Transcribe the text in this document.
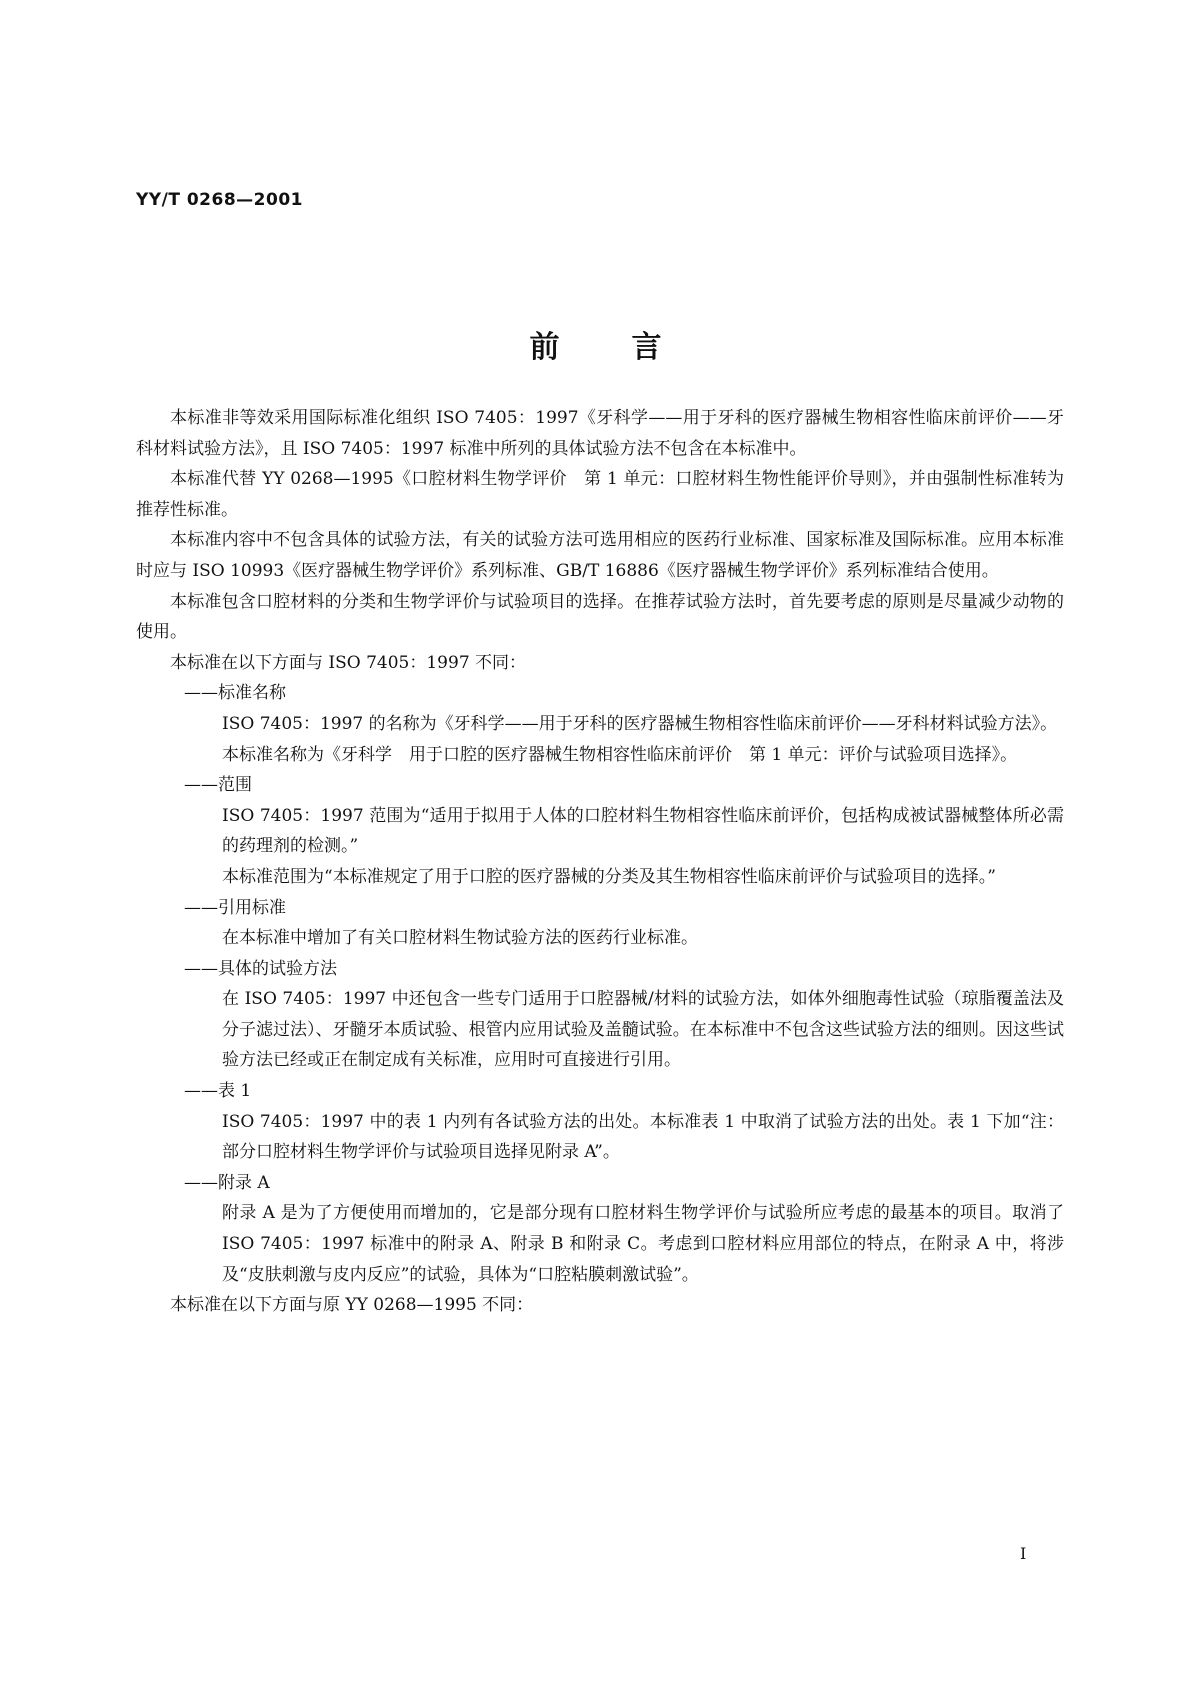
YY/T 0268—2001
前言

本标准非等效采用国际标准化组织 ISO 7405：1997《牙科学——用于牙科的医疗器械生物相容性临床前评价——牙科材料试验方法》，且 ISO 7405：1997 标准中所列的具体试验方法不包含在本标准中。

本标准代替 YY 0268—1995《口腔材料生物学评价　第 1 单元：口腔材料生物性能评价导则》，并由强制性标准转为推荐性标准。

本标准内容中不包含具体的试验方法，有关的试验方法可选用相应的医药行业标准、国家标准及国际标准。应用本标准时应与 ISO 10993《医疗器械生物学评价》系列标准、GB/T 16886《医疗器械生物学评价》系列标准结合使用。

本标准包含口腔材料的分类和生物学评价与试验项目的选择。在推荐试验方法时，首先要考虑的原则是尽量减少动物的使用。

本标准在以下方面与 ISO 7405：1997 不同：

——标准名称

ISO 7405：1997 的名称为《牙科学——用于牙科的医疗器械生物相容性临床前评价——牙科材料试验方法》。

本标准名称为《牙科学　用于口腔的医疗器械生物相容性临床前评价　第 1 单元：评价与试验项目选择》。

——范围

ISO 7405：1997 范围为“适用于拟用于人体的口腔材料生物相容性临床前评价，包括构成被试器械整体所必需的药理剂的检测。”

本标准范围为“本标准规定了用于口腔的医疗器械的分类及其生物相容性临床前评价与试验项目的选择。”

——引用标准

在本标准中增加了有关口腔材料生物试验方法的医药行业标准。

——具体的试验方法

在 ISO 7405：1997 中还包含一些专门适用于口腔器械/材料的试验方法，如体外细胞毒性试验（琼脂覆盖法及分子滤过法）、牙髓牙本质试验、根管内应用试验及盖髓试验。在本标准中不包含这些试验方法的细则。因这些试验方法已经或正在制定成有关标准，应用时可直接进行引用。

——表 1

ISO 7405：1997 中的表 1 内列有各试验方法的出处。本标准表 1 中取消了试验方法的出处。表 1 下加“注：部分口腔材料生物学评价与试验项目选择见附录 A”。

——附录 A

附录 A 是为了方便使用而增加的，它是部分现有口腔材料生物学评价与试验所应考虑的最基本的项目。取消了 ISO 7405：1997 标准中的附录 A、附录 B 和附录 C。考虑到口腔材料应用部位的特点，在附录 A 中，将涉及“皮肤刺激与皮内反应”的试验，具体为“口腔粘膜刺激试验”。

本标准在以下方面与原 YY 0268—1995 不同：

I
